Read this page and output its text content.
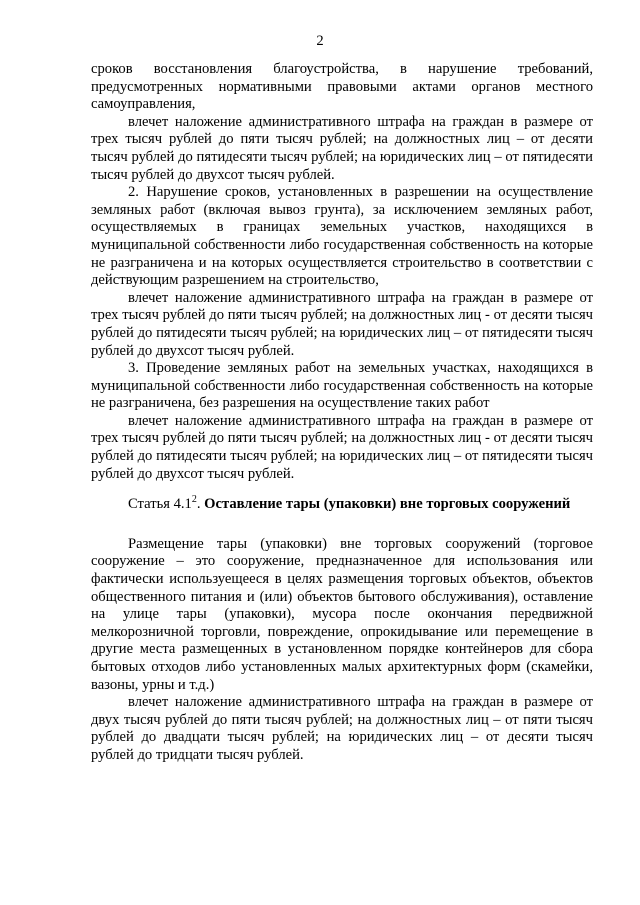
2

сроков восстановления благоустройства, в нарушение требований, предусмотренных нормативными правовыми актами органов местного самоуправления,

влечет наложение административного штрафа на граждан в размере от трех тысяч рублей до пяти тысяч рублей; на должностных лиц – от десяти тысяч рублей до пятидесяти тысяч рублей; на юридических лиц – от пятидесяти тысяч рублей до двухсот тысяч рублей.

2. Нарушение сроков, установленных в разрешении на осуществление земляных работ (включая вывоз грунта), за исключением земляных работ, осуществляемых в границах земельных участков, находящихся в муниципальной собственности либо государственная собственность на которые не разграничена и на которых осуществляется строительство в соответствии с действующим разрешением на строительство,

влечет наложение административного штрафа на граждан в размере от трех тысяч рублей до пяти тысяч рублей; на должностных лиц - от десяти тысяч рублей до пятидесяти тысяч рублей; на юридических лиц – от пятидесяти тысяч рублей до двухсот тысяч рублей.

3. Проведение земляных работ на земельных участках, находящихся в муниципальной собственности либо государственная собственность на которые не разграничена, без разрешения на осуществление таких работ

влечет наложение административного штрафа на граждан в размере от трех тысяч рублей до пяти тысяч рублей; на должностных лиц - от десяти тысяч рублей до пятидесяти тысяч рублей; на юридических лиц – от пятидесяти тысяч рублей до двухсот тысяч рублей.

Статья $4.1^2$. Оставление тары (упаковки) вне торговых сооружений

Размещение тары (упаковки) вне торговых сооружений (торговое сооружение – это сооружение, предназначенное для использования или фактически используещееся в целях размещения торговых объектов, объектов общественного питания и (или) объектов бытового обслуживания), оставление на улице тары (упаковки), мусора после окончания передвижной мелкорозничной торговли, повреждение, опрокидывание или перемещение в другие места размещенных в установленном порядке контейнеров для сбора бытовых отходов либо установленных малых архитектурных форм (скамейки, вазоны, урны и т.д.)

влечет наложение административного штрафа на граждан в размере от двух тысяч рублей до пяти тысяч рублей; на должностных лиц – от пяти тысяч рублей до двадцати тысяч рублей; на юридических лиц – от десяти тысяч рублей до тридцати тысяч рублей.
